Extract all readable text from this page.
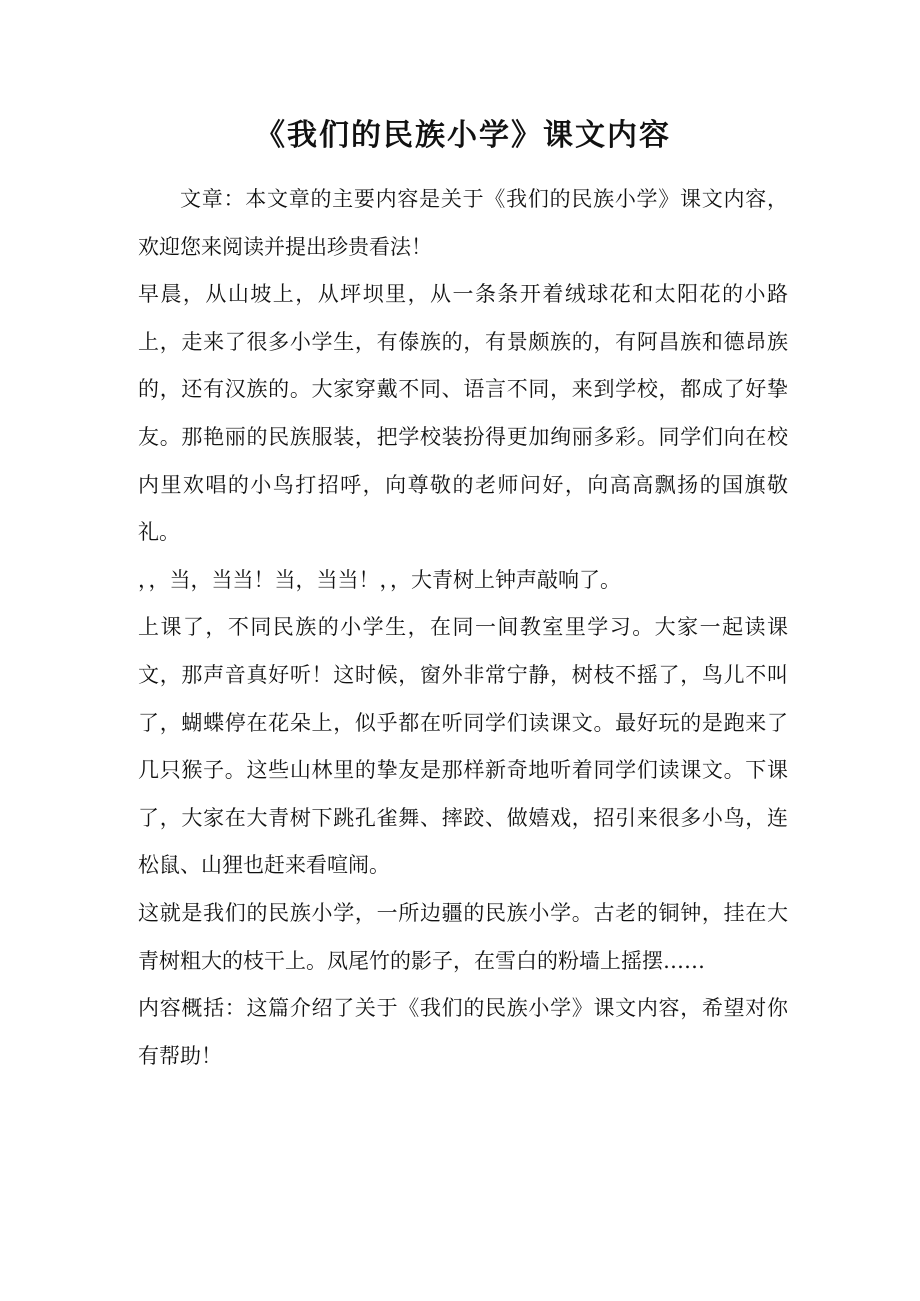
《我们的民族小学》课文内容

文章：本文章的主要内容是关于《我们的民族小学》课文内容，欢迎您来阅读并提出珍贵看法！

早晨，从山坡上，从坪坝里，从一条条开着绒球花和太阳花的小路上，走来了很多小学生，有傣族的，有景颇族的，有阿昌族和德昂族的，还有汉族的。大家穿戴不同、语言不同，来到学校，都成了好挚友。那艳丽的民族服装，把学校装扮得更加绚丽多彩。同学们向在校内里欢唱的小鸟打招呼，向尊敬的老师问好，向高高飘扬的国旗敬礼。

，，当，当当！当，当当！，，大青树上钟声敲响了。

上课了，不同民族的小学生，在同一间教室里学习。大家一起读课文，那声音真好听！这时候，窗外非常宁静，树枝不摇了，鸟儿不叫了，蝴蝶停在花朵上，似乎都在听同学们读课文。最好玩的是跑来了几只猴子。这些山林里的挚友是那样新奇地听着同学们读课文。下课了，大家在大青树下跳孔雀舞、摔跤、做嬉戏，招引来很多小鸟，连松鼠、山狸也赶来看喧闹。

这就是我们的民族小学，一所边疆的民族小学。古老的铜钟，挂在大青树粗大的枝干上。凤尾竹的影子，在雪白的粉墙上摇摆……

内容概括：这篇介绍了关于《我们的民族小学》课文内容，希望对你有帮助！
